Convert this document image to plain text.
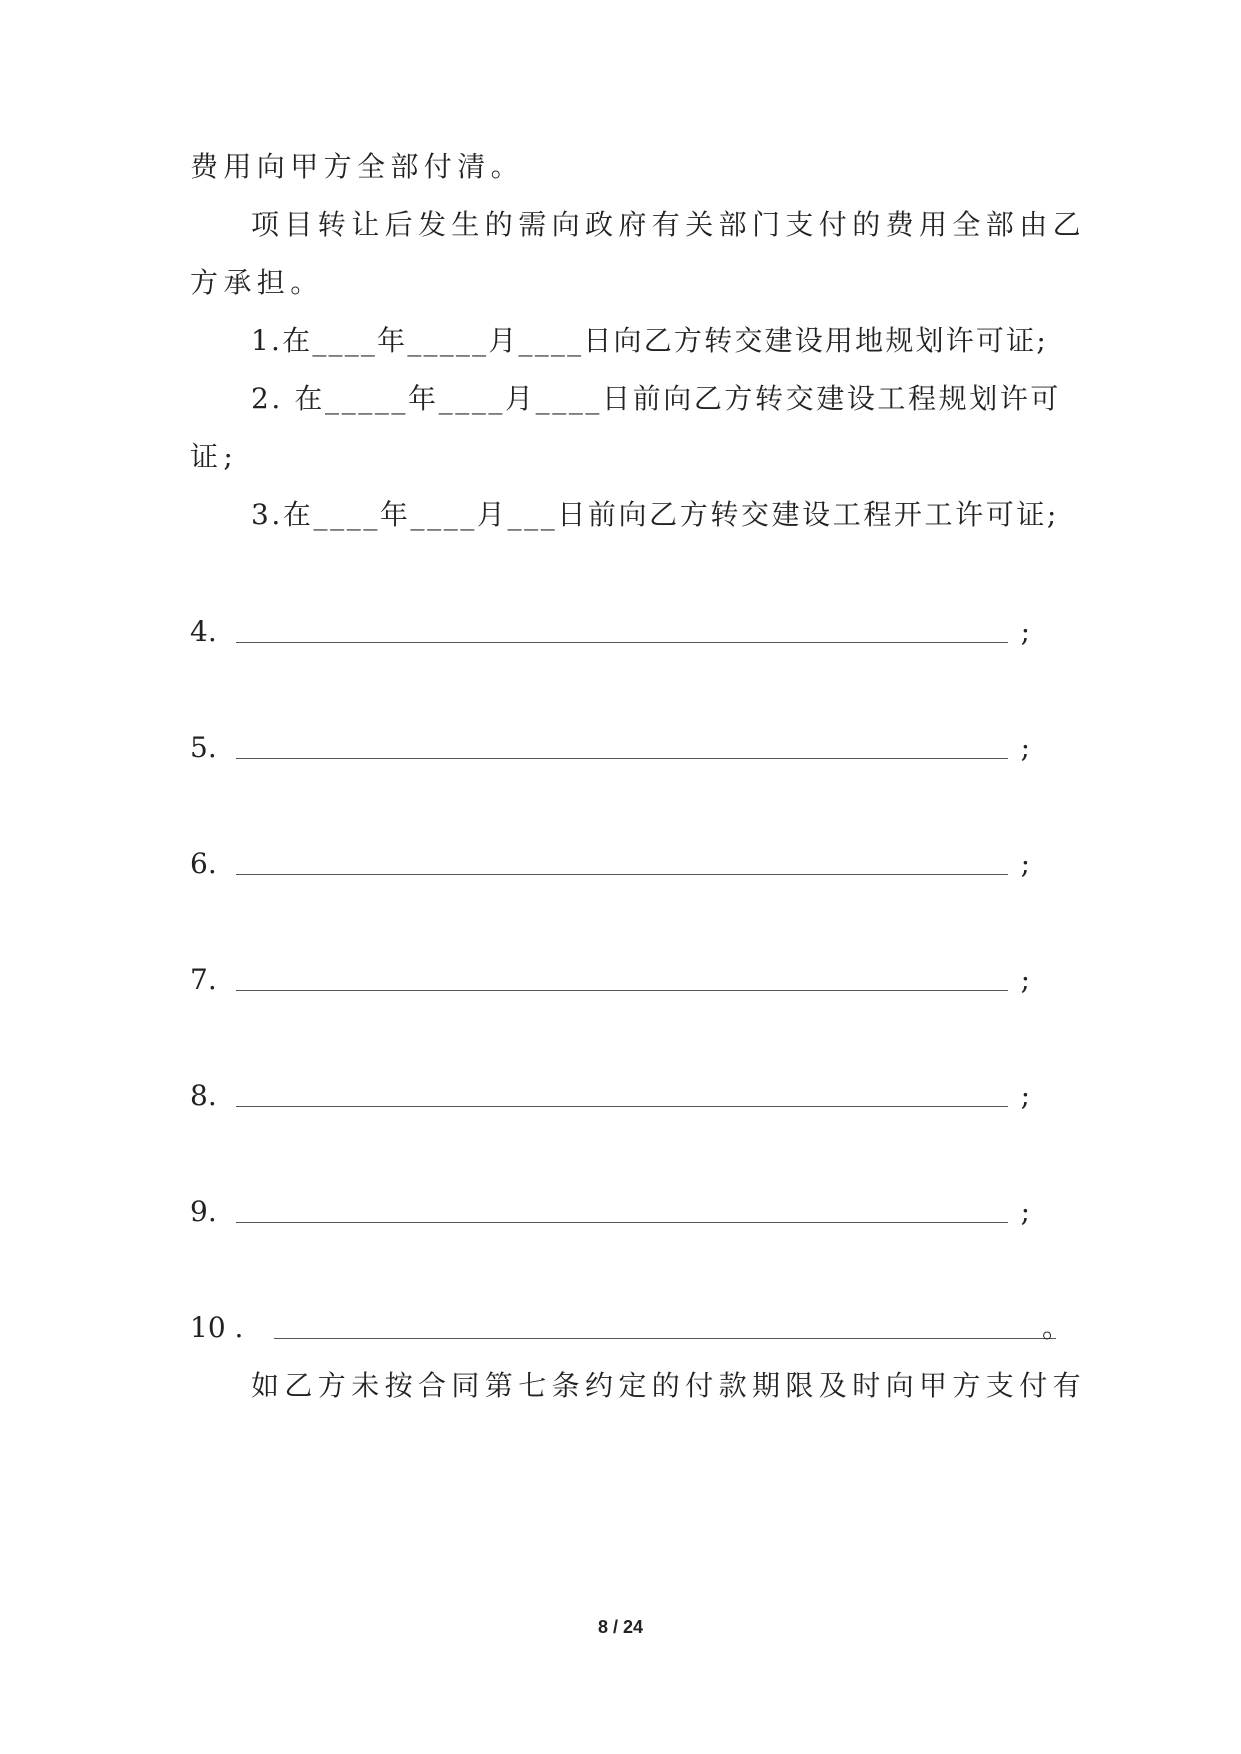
费用向甲方全部付清。
项目转让后发生的需向政府有关部门支付的费用全部由乙
方承担。
1.在____年_____月____日向乙方转交建设用地规划许可证;
2. 在_____年____月____日前向乙方转交建设工程规划许可
证;
3.在____年____月___日前向乙方转交建设工程开工许可证;
4.	;
5.	;
6.	;
7.	;
8.	;
9.	;
10 .	。
如乙方未按合同第七条约定的付款期限及时向甲方支付有
8 / 24
